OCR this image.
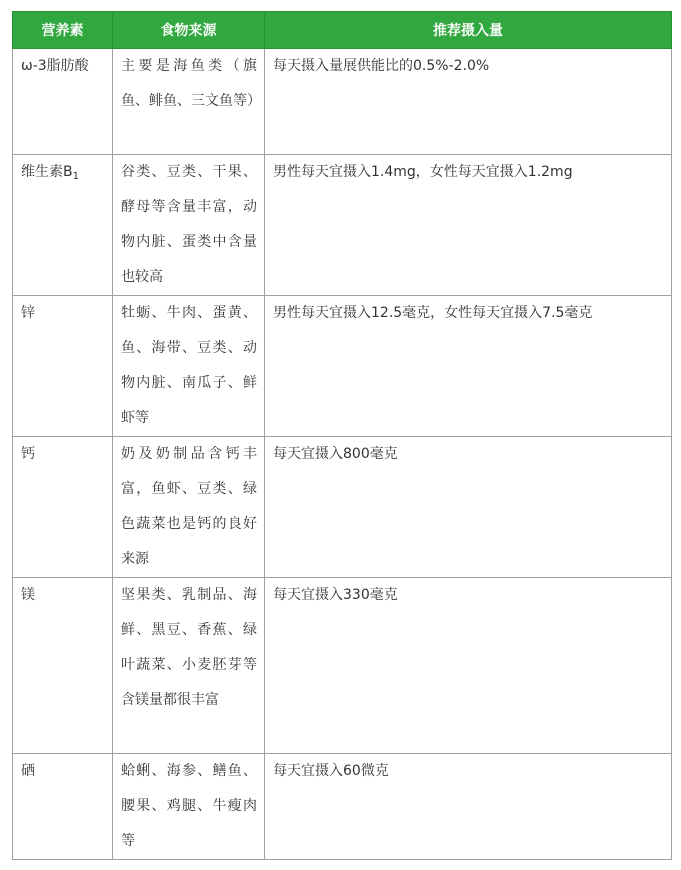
营养素	食物来源	推荐摄入量
ω-3脂肪酸	主要是海鱼类（旗鱼、鲱鱼、三文鱼等）	每天摄入量展供能比的0.5%-2.0%
维生素$B_1$	谷类、豆类、干果、酵母等含量丰富，动物内脏、蛋类中含量也较高	男性每天宜摄入1.4mg，女性每天宜摄入1.2mg
锌	牡蛎、牛肉、蛋黄、鱼、海带、豆类、动物内脏、南瓜子、鲜虾等	男性每天宜摄入12.5毫克，女性每天宜摄入7.5毫克
钙	奶及奶制品含钙丰富，鱼虾、豆类、绿色蔬菜也是钙的良好来源	每天宜摄入800毫克
镁	坚果类、乳制品、海鲜、黑豆、香蕉、绿叶蔬菜、小麦胚芽等含镁量都很丰富	每天宜摄入330毫克
硒	蛤蜊、海参、鳝鱼、腰果、鸡腿、牛瘦肉等	每天宜摄入60微克
